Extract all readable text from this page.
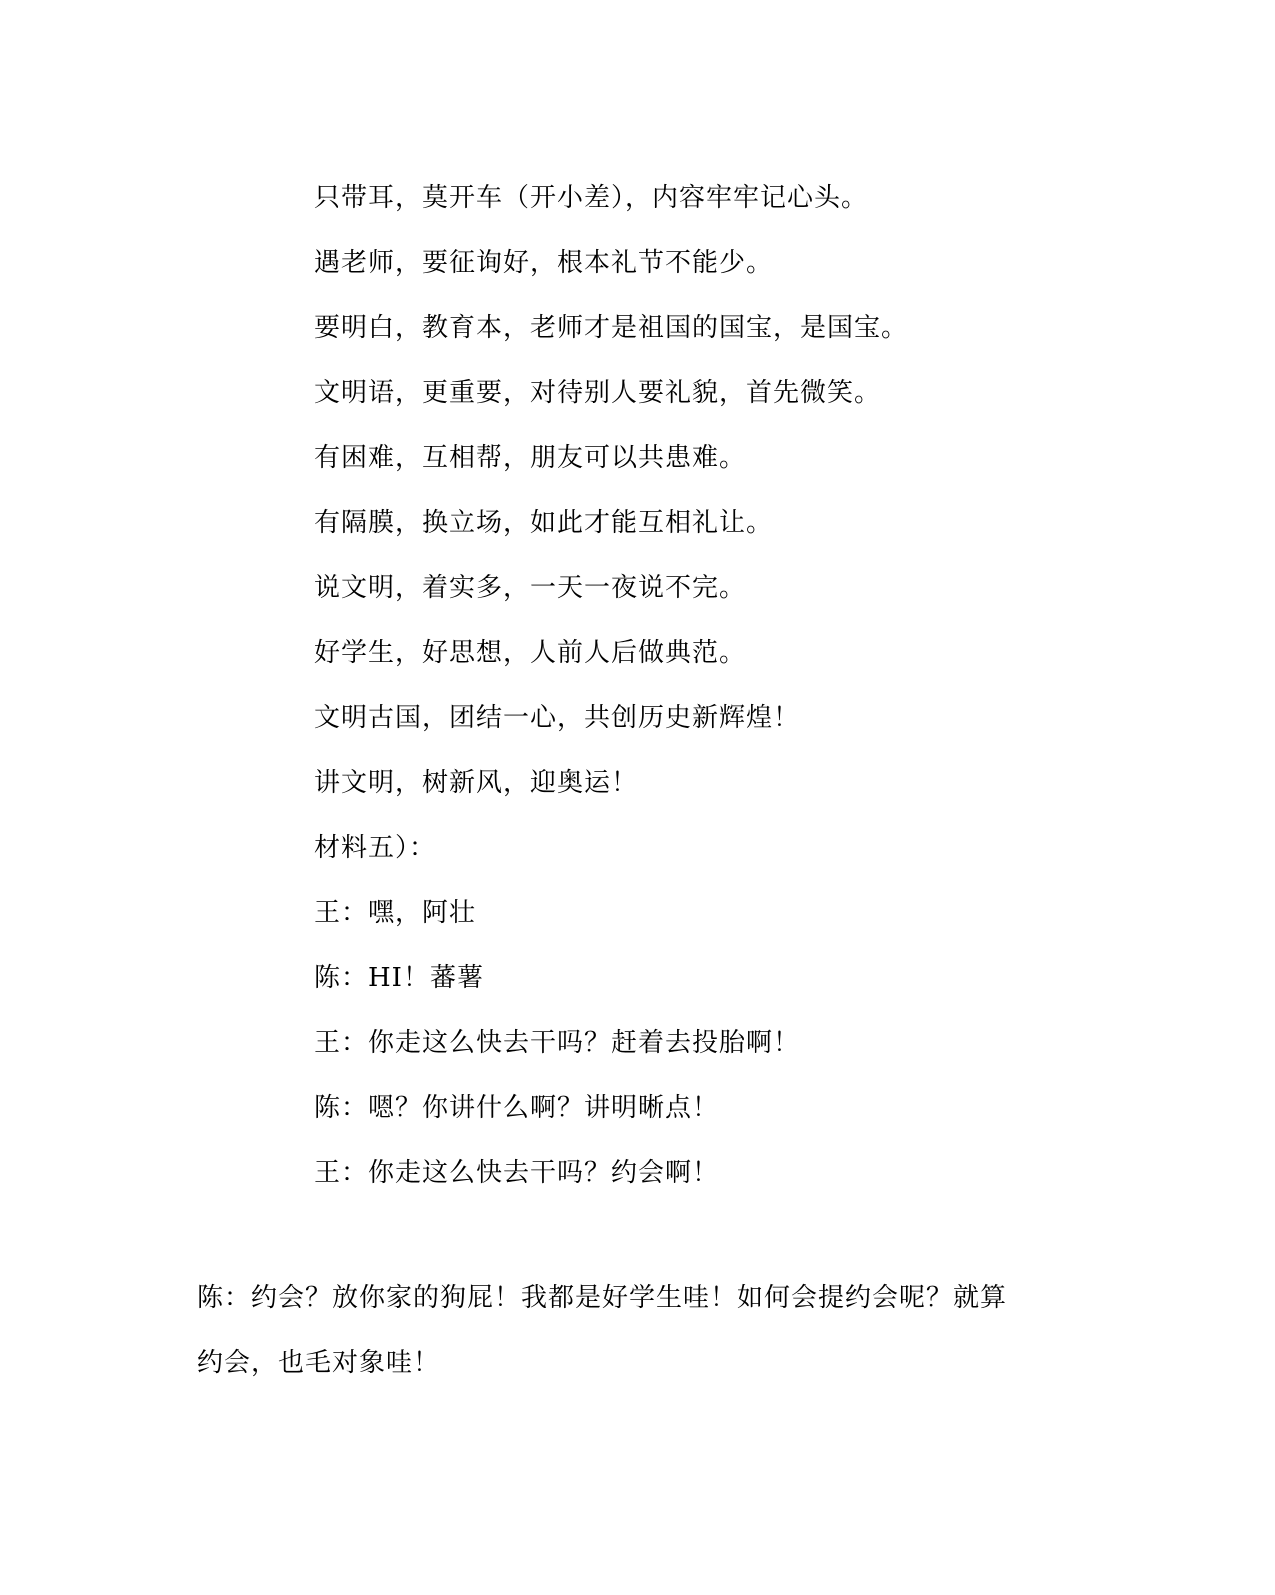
只带耳，莫开车（开小差），内容牢牢记心头。
遇老师，要征询好，根本礼节不能少。
要明白，教育本，老师才是祖国的国宝，是国宝。
文明语，更重要，对待别人要礼貌，首先微笑。
有困难，互相帮，朋友可以共患难。
有隔膜，换立场，如此才能互相礼让。
说文明，着实多，一天一夜说不完。
好学生，好思想，人前人后做典范。
文明古国，团结一心，共创历史新辉煌！
讲文明，树新风，迎奥运！
材料五）：
王：嘿，阿壮
陈：HI！蕃薯
王：你走这么快去干吗？赶着去投胎啊！
陈：嗯？你讲什么啊？讲明晰点！
王：你走这么快去干吗？约会啊！
陈：约会？放你家的狗屁！我都是好学生哇！如何会提约会呢？就算
约会，也毛对象哇！
